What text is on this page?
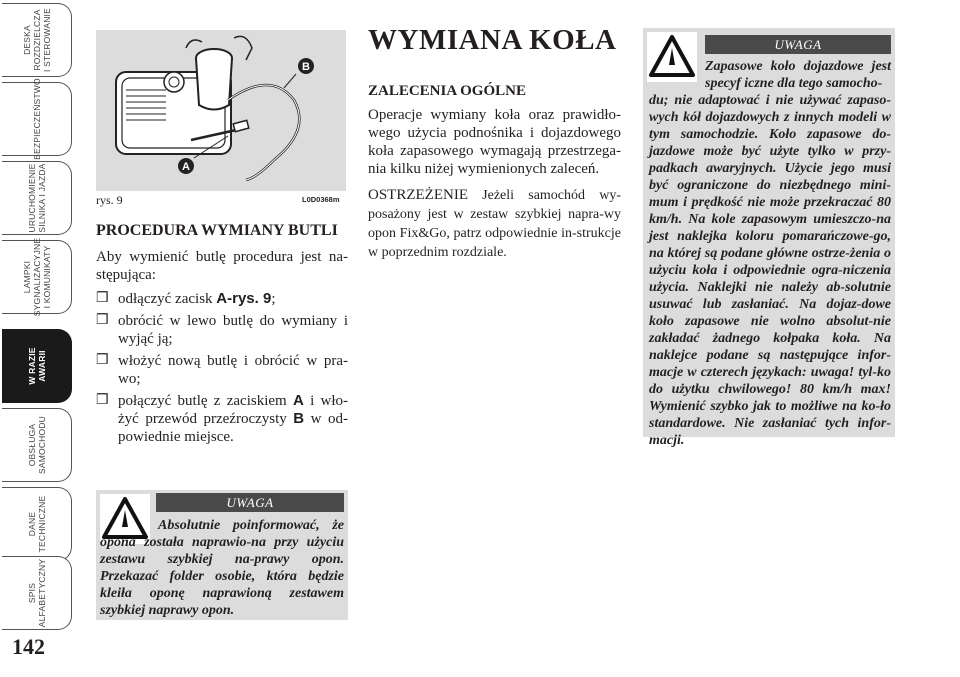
DESKA
ROZDZIELCZA
I STEROWANIE
BEZPIECZEŃSTWO
URUCHOMIENIE
SILNIKA I JAZDA
LAMPKI
SYGNALIZACYJNE
I KOMUNIKATY
W RAZIE
AWARII
OBSŁUGA
SAMOCHODU
DANE
TECHNICZNE
SPIS
ALFABETYCZNY
142
A
B
rys. 9	L0D0368m
PROCEDURA WYMIANY BUTLI

Aby wymienić butlę procedura jest na-stępująca:

❒ odłączyć zacisk A-rys. 9;
❒ obrócić w lewo butlę do wymiany i wyjąć ją;
❒ włożyć nową butlę i obrócić w pra-wo;
❒ połączyć butlę z zaciskiem A i wło-żyć przewód przeźroczysty B w od-powiednie miejsce.
UWAGA
Absolutnie poinformować, że opona została naprawio-na przy użyciu zestawu szybkiej na-prawy opon. Przekazać folder osobie, która będzie kleiła oponę naprawioną zestawem szybkiej naprawy opon.
WYMIANA KOŁA
ZALECENIA OGÓLNE

Operacje wymiany koła oraz prawidło-wego użycia podnośnika i dojazdowego koła zapasowego wymagają przestrzega-nia kilku niżej wymienionych zaleceń.

OSTRZEŻENIE Jeżeli samochód wy-posażony jest w zestaw szybkiej napra-wy opon Fix&Go, patrz odpowiednie in-strukcje w poprzednim rozdziale.

UWAGA
Zapasowe koło dojazdowe jest specyf iczne dla tego samocho-
du; nie adaptować i nie używać zapaso-wych kół dojazdowych z innych modeli w tym samochodzie. Koło zapasowe do-jazdowe może być użyte tylko w przy-padkach awaryjnych. Użycie jego musi być ograniczone do niezbędnego mini-mum i prędkość nie może przekraczać 80 km/h. Na kole zapasowym umieszczo-na jest naklejka koloru pomarańczowe-go, na której są podane główne ostrze-żenia o użyciu koła i odpowiednie ogra-niczenia użycia. Naklejki nie należy ab-solutnie usuwać lub zasłaniać. Na dojaz-dowe koło zapasowe nie wolno absolut-nie zakładać żadnego kołpaka koła. Na naklejce podane są następujące infor-macje w czterech językach: uwaga! tyl-ko do użytku chwilowego! 80 km/h max! Wymienić szybko jak to możliwe na ko-ło standardowe. Nie zasłaniać tych infor-macji.
